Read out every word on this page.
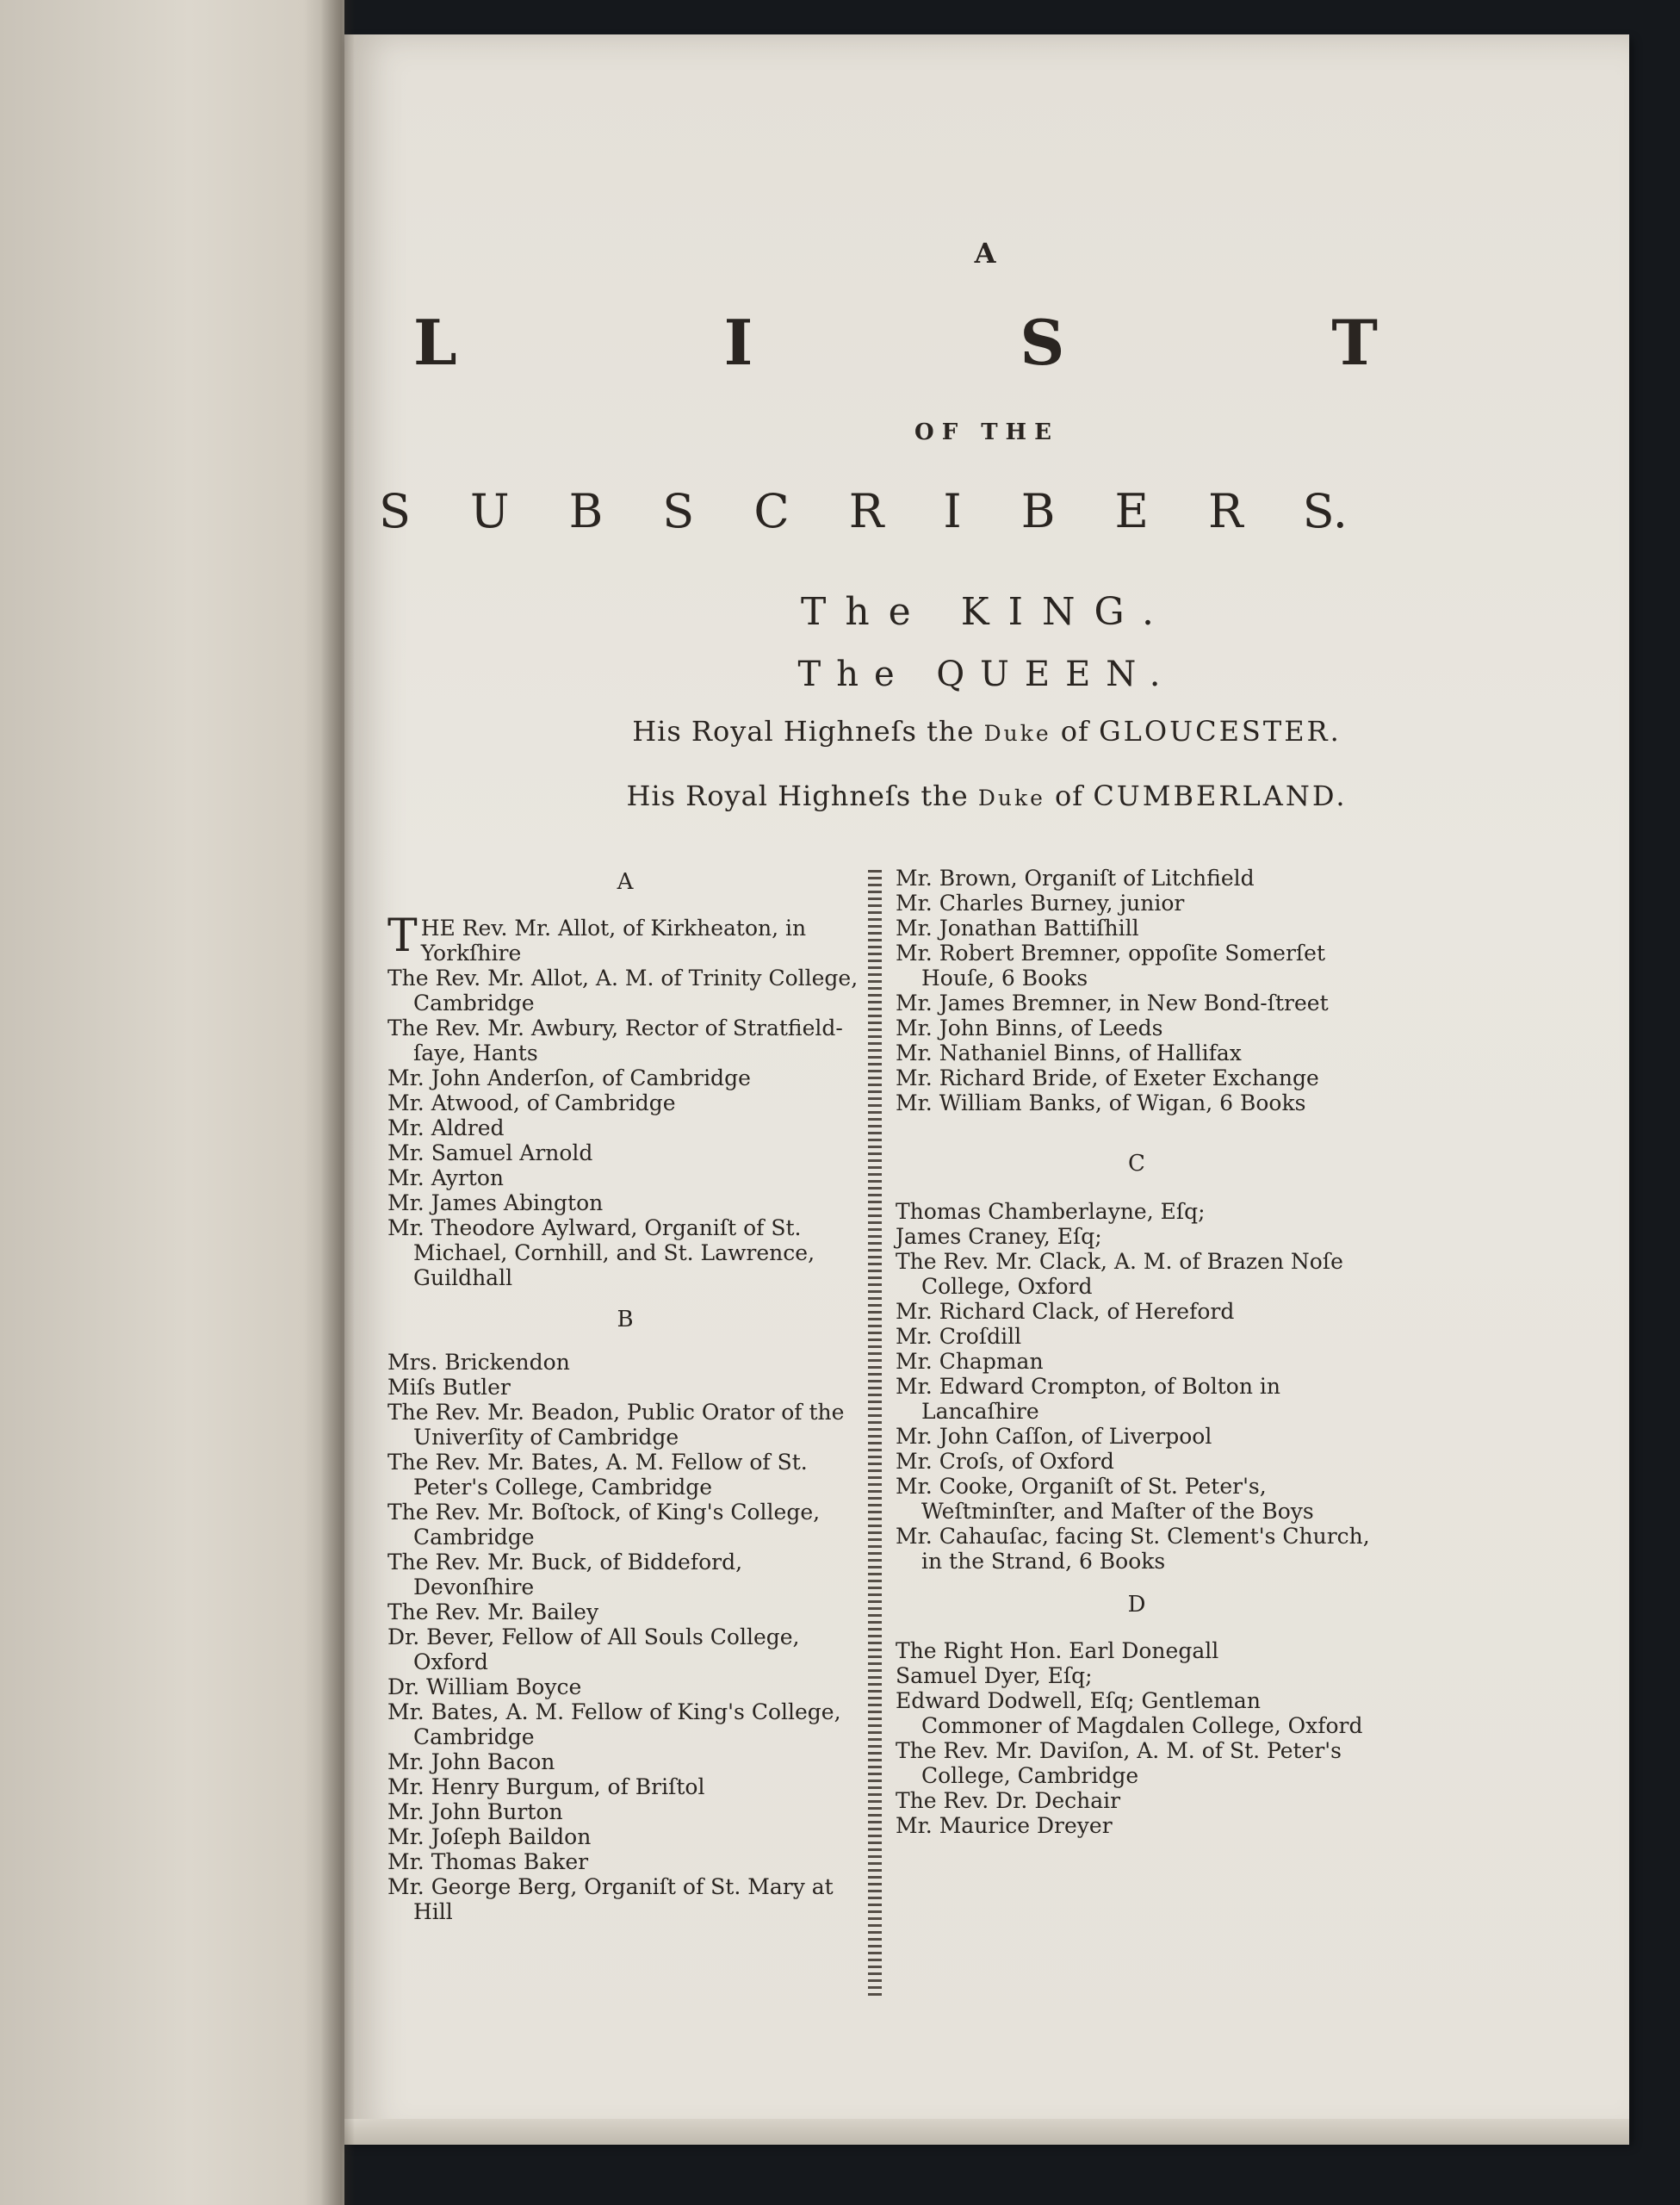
A
L	I	S	T
OF THE
S U B S C R I B E R S.
The KING.
The QUEEN.
His Royal Highneſs the Duke of GLOUCESTER.
His Royal Highneſs the Duke of CUMBERLAND.
A
THE Rev. Mr. Allot, of Kirkheaton, in Yorkſhire
The Rev. Mr. Allot, A. M. of Trinity College, Cambridge
The Rev. Mr. Awbury, Rector of Stratfield-ſaye, Hants
Mr. John Anderſon, of Cambridge
Mr. Atwood, of Cambridge
Mr. Aldred
Mr. Samuel Arnold
Mr. Ayrton
Mr. James Abington
Mr. Theodore Aylward, Organiſt of St. Michael, Cornhill, and St. Lawrence, Guildhall
B
Mrs. Brickendon
Miſs Butler
The Rev. Mr. Beadon, Public Orator of the Univerſity of Cambridge
The Rev. Mr. Bates, A. M. Fellow of St. Peter's College, Cambridge
The Rev. Mr. Boſtock, of King's College, Cambridge
The Rev. Mr. Buck, of Biddeford, Devonſhire
The Rev. Mr. Bailey
Dr. Bever, Fellow of All Souls College, Oxford
Dr. William Boyce
Mr. Bates, A. M. Fellow of King's College, Cambridge
Mr. John Bacon
Mr. Henry Burgum, of Briſtol
Mr. John Burton
Mr. Joſeph Baildon
Mr. Thomas Baker
Mr. George Berg, Organiſt of St. Mary at Hill
Mr. Brown, Organiſt of Litchfield
Mr. Charles Burney, junior
Mr. Jonathan Battiſhill
Mr. Robert Bremner, oppoſite Somerſet Houſe, 6 Books
Mr. James Bremner, in New Bond-ſtreet
Mr. John Binns, of Leeds
Mr. Nathaniel Binns, of Hallifax
Mr. Richard Bride, of Exeter Exchange
Mr. William Banks, of Wigan, 6 Books
C
Thomas Chamberlayne, Eſq;
James Craney, Eſq;
The Rev. Mr. Clack, A. M. of Brazen Noſe College, Oxford
Mr. Richard Clack, of Hereford
Mr. Croſdill
Mr. Chapman
Mr. Edward Crompton, of Bolton in Lancaſhire
Mr. John Caſſon, of Liverpool
Mr. Croſs, of Oxford
Mr. Cooke, Organiſt of St. Peter's, Weſtminſter, and Maſter of the Boys
Mr. Cahauſac, facing St. Clement's Church, in the Strand, 6 Books
D
The Right Hon. Earl Donegall
Samuel Dyer, Eſq;
Edward Dodwell, Eſq; Gentleman Commoner of Magdalen College, Oxford
The Rev. Mr. Daviſon, A. M. of St. Peter's College, Cambridge
The Rev. Dr. Dechair
Mr. Maurice Dreyer
